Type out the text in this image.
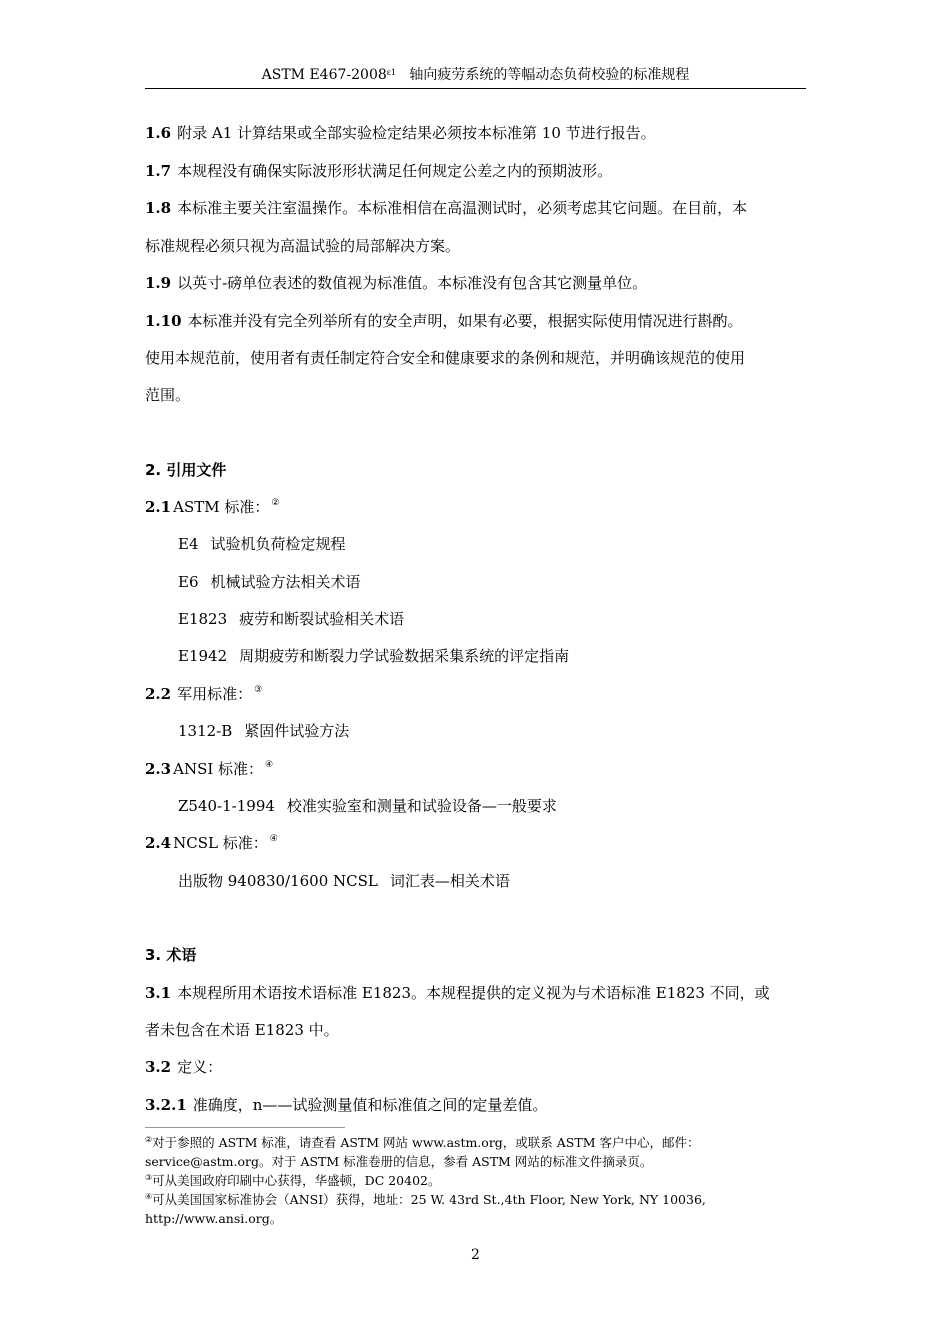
ASTM $E467-2008^{\varepsilon 1}$ 轴向疲劳系统的等幅动态负荷校验的标准规程
1.6 附录 A1 计算结果或全部实验检定结果必须按本标准第 10 节进行报告。
1.7 本规程没有确保实际波形形状满足任何规定公差之内的预期波形。
1.8 本标准主要关注室温操作。本标准相信在高温测试时，必须考虑其它问题。在目前，本
标准规程必须只视为高温试验的局部解决方案。
1.9 以英寸-磅单位表述的数值视为标准值。本标准没有包含其它测量单位。
1.10 本标准并没有完全列举所有的安全声明，如果有必要，根据实际使用情况进行斟酌。
使用本规范前，使用者有责任制定符合安全和健康要求的条例和规范，并明确该规范的使用
范围。
2. 引用文件
2.1 ASTM 标准： ②
E4 试验机负荷检定规程
E6 机械试验方法相关术语
E1823 疲劳和断裂试验相关术语
E1942 周期疲劳和断裂力学试验数据采集系统的评定指南
2.2 军用标准： ③
1312-B 紧固件试验方法
2.3 ANSI 标准： ④
Z540-1-1994 校准实验室和测量和试验设备—一般要求
2.4 NCSL 标准： ④
出版物 940830/1600 NCSL 词汇表—相关术语
3. 术语
3.1 本规程所用术语按术语标准 E1823。本规程提供的定义视为与术语标准 E1823 不同，或
者未包含在术语 E1823 中。
3.2 定义：
3.2.1 准确度，n——试验测量值和标准值之间的定量差值。
②对于参照的 ASTM 标准，请查看 ASTM 网站 www.astm.org，或联系 ASTM 客户中心，邮件：
service@astm.org。对于 ASTM 标准卷册的信息，参看 ASTM 网站的标准文件摘录页。
③可从美国政府印刷中心获得，华盛顿，DC 20402。
④可从美国国家标准协会（ANSI）获得，地址：25 W. 43rd St.,4th Floor, New York, NY 10036,
http://www.ansi.org。
2
